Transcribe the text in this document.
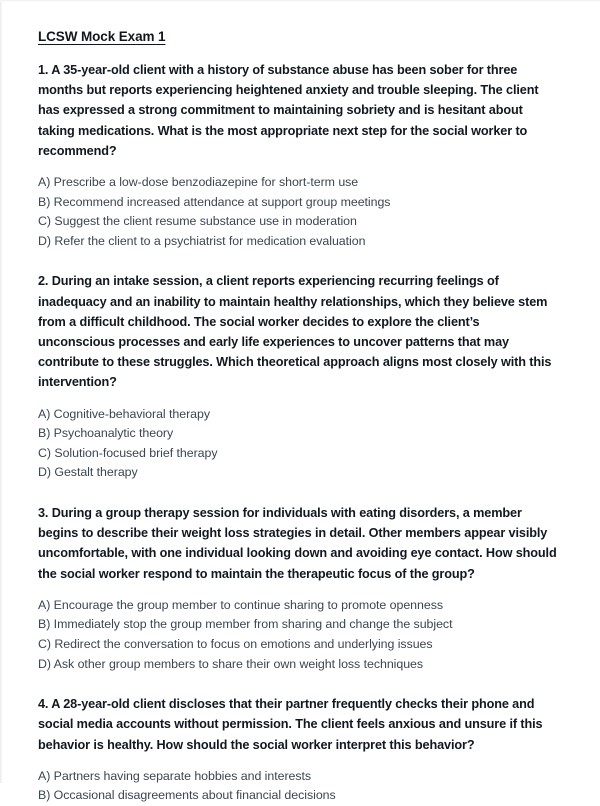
LCSW Mock Exam 1

1. A 35-year-old client with a history of substance abuse has been sober for three months but reports experiencing heightened anxiety and trouble sleeping. The client has expressed a strong commitment to maintaining sobriety and is hesitant about taking medications. What is the most appropriate next step for the social worker to recommend?

A) Prescribe a low-dose benzodiazepine for short-term use
B) Recommend increased attendance at support group meetings
C) Suggest the client resume substance use in moderation
D) Refer the client to a psychiatrist for medication evaluation

2. During an intake session, a client reports experiencing recurring feelings of inadequacy and an inability to maintain healthy relationships, which they believe stem from a difficult childhood. The social worker decides to explore the client’s unconscious processes and early life experiences to uncover patterns that may contribute to these struggles. Which theoretical approach aligns most closely with this intervention?

A) Cognitive-behavioral therapy
B) Psychoanalytic theory
C) Solution-focused brief therapy
D) Gestalt therapy

3. During a group therapy session for individuals with eating disorders, a member begins to describe their weight loss strategies in detail. Other members appear visibly uncomfortable, with one individual looking down and avoiding eye contact. How should the social worker respond to maintain the therapeutic focus of the group?

A) Encourage the group member to continue sharing to promote openness
B) Immediately stop the group member from sharing and change the subject
C) Redirect the conversation to focus on emotions and underlying issues
D) Ask other group members to share their own weight loss techniques

4. A 28-year-old client discloses that their partner frequently checks their phone and social media accounts without permission. The client feels anxious and unsure if this behavior is healthy. How should the social worker interpret this behavior?

A) Partners having separate hobbies and interests
B) Occasional disagreements about financial decisions
